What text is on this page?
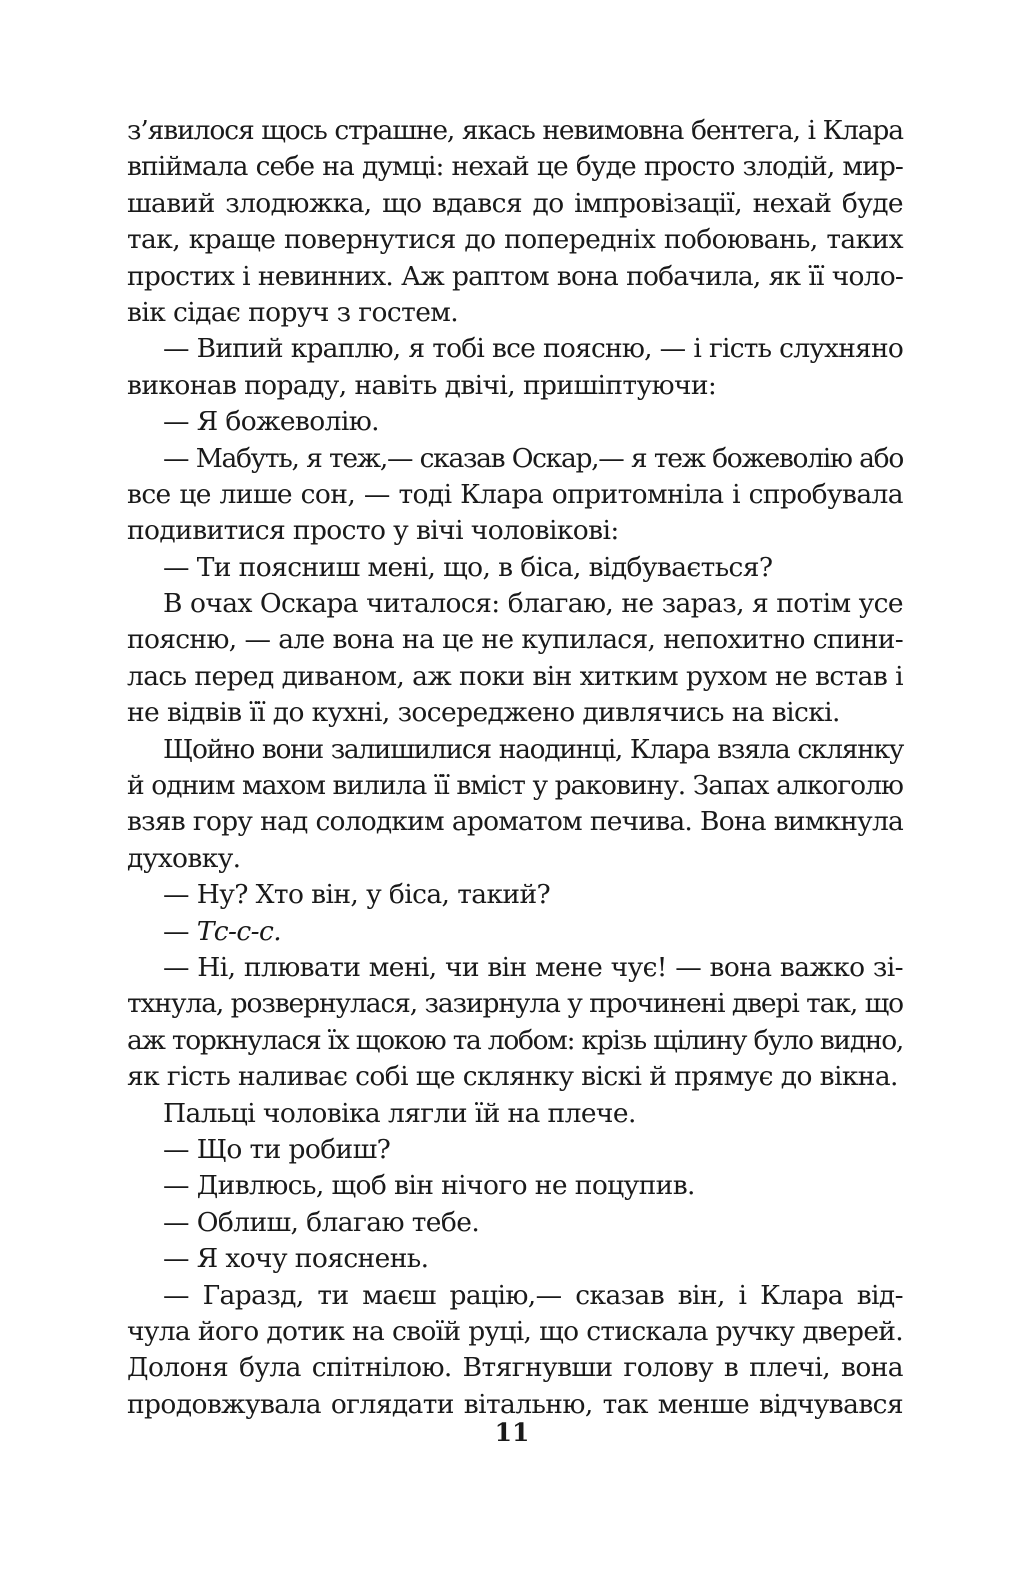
з’явилося щось страшне, якась невимовна бентега, і Клара
впіймала себе на думці: нехай це буде просто злодій, мир-
шавий злодюжка, що вдався до імпровізації, нехай буде
так, краще повернутися до попередніх побоювань, таких
простих і невинних. Аж раптом вона побачила, як її чоло-
вік сідає поруч з гостем.
— Випий краплю, я тобі все поясню, — і гість слухняно
виконав пораду, навіть двічі, пришіптуючи:
— Я божеволію.
— Мабуть, я теж,— сказав Оскар,— я теж божеволію або
все це лише сон, — тоді Клара опритомніла і спробувала
подивитися просто у вічі чоловікові:
— Ти поясниш мені, що, в біса, відбувається?
В очах Оскара читалося: благаю, не зараз, я потім усе
поясню, — але вона на це не купилася, непохитно спини-
лась перед диваном, аж поки він хитким рухом не встав і
не відвів її до кухні, зосереджено дивлячись на віскі.
Щойно вони залишилися наодинці, Клара взяла склянку
й одним махом вилила її вміст у раковину. Запах алкоголю
взяв гору над солодким ароматом печива. Вона вимкнула
духовку.
— Ну? Хто він, у біса, такий?
— Тс-с-с.
— Ні, плювати мені, чи він мене чує! — вона важко зі-
тхнула, розвернулася, зазирнула у прочинені двері так, що
аж торкнулася їх щокою та лобом: крізь щілину було видно,
як гість наливає собі ще склянку віскі й прямує до вікна.
Пальці чоловіка лягли їй на плече.
— Що ти робиш?
— Дивлюсь, щоб він нічого не поцупив.
— Облиш, благаю тебе.
— Я хочу пояснень.
— Гаразд, ти маєш рацію,— сказав він, і Клара від-
чула його дотик на своїй руці, що стискала ручку дверей.
Долоня була спітнілою. Втягнувши голову в плечі, вона
продовжувала оглядати вітальню, так менше відчувався
11
